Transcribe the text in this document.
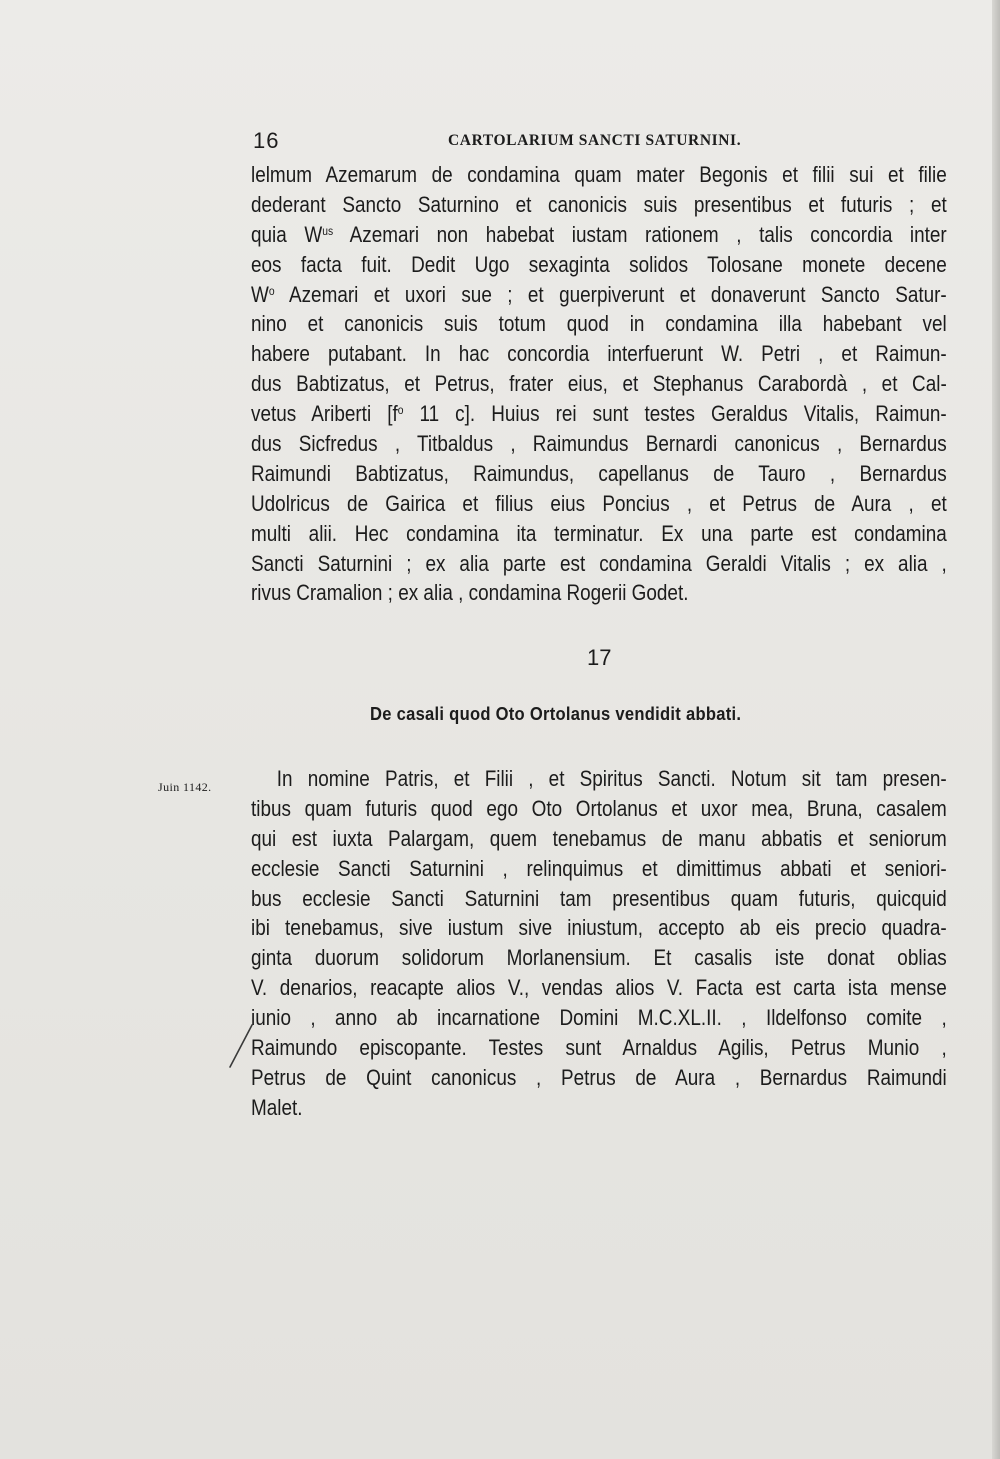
16	CARTOLARIUM SANCTI SATURNINI.
lelmum Azemarum de condamina quam mater Begonis et filii sui et filie
dederant Sancto Saturnino et canonicis suis presentibus et futuris ; et
quia $W^{us}$ Azemari non habebat iustam rationem , talis concordia inter
eos facta fuit. Dedit Ugo sexaginta solidos Tolosane monete decene
$W^o$ Azemari et uxori sue ; et guerpiverunt et donaverunt Sancto Satur-
nino et canonicis suis totum quod in condamina illa habebant vel
habere putabant. In hac concordia interfuerunt W. Petri , et Raimun-
dus Babtizatus, et Petrus, frater eius, et Stephanus Carabordà , et Cal-
vetus Ariberti [$f^o$ 11 c]. Huius rei sunt testes Geraldus Vitalis, Raimun-
dus Sicfredus , Titbaldus , Raimundus Bernardi canonicus , Bernardus
Raimundi Babtizatus, Raimundus, capellanus de Tauro , Bernardus
Udolricus de Gairica et filius eius Poncius , et Petrus de Aura , et
multi alii. Hec condamina ita terminatur. Ex una parte est condamina
Sancti Saturnini ; ex alia parte est condamina Geraldi Vitalis ; ex alia ,
rivus Cramalion ; ex alia , condamina Rogerii Godet.
17
De casali quod Oto Ortolanus vendidit abbati.
Juin 1142.	In nomine Patris, et Filii , et Spiritus Sancti. Notum sit tam presen-
tibus quam futuris quod ego Oto Ortolanus et uxor mea, Bruna, casalem
qui est iuxta Palargam, quem tenebamus de manu abbatis et seniorum
ecclesie Sancti Saturnini , relinquimus et dimittimus abbati et seniori-
bus ecclesie Sancti Saturnini tam presentibus quam futuris, quicquid
ibi tenebamus, sive iustum sive iniustum, accepto ab eis precio quadra-
ginta duorum solidorum Morlanensium. Et casalis iste donat oblias
V. denarios, reacapte alios V., vendas alios V. Facta est carta ista mense
iunio , anno ab incarnatione Domini M.C.XL.II. , Ildelfonso comite ,
Raimundo episcopante. Testes sunt Arnaldus Agilis, Petrus Munio ,
Petrus de Quint canonicus , Petrus de Aura , Bernardus Raimundi
Malet.
